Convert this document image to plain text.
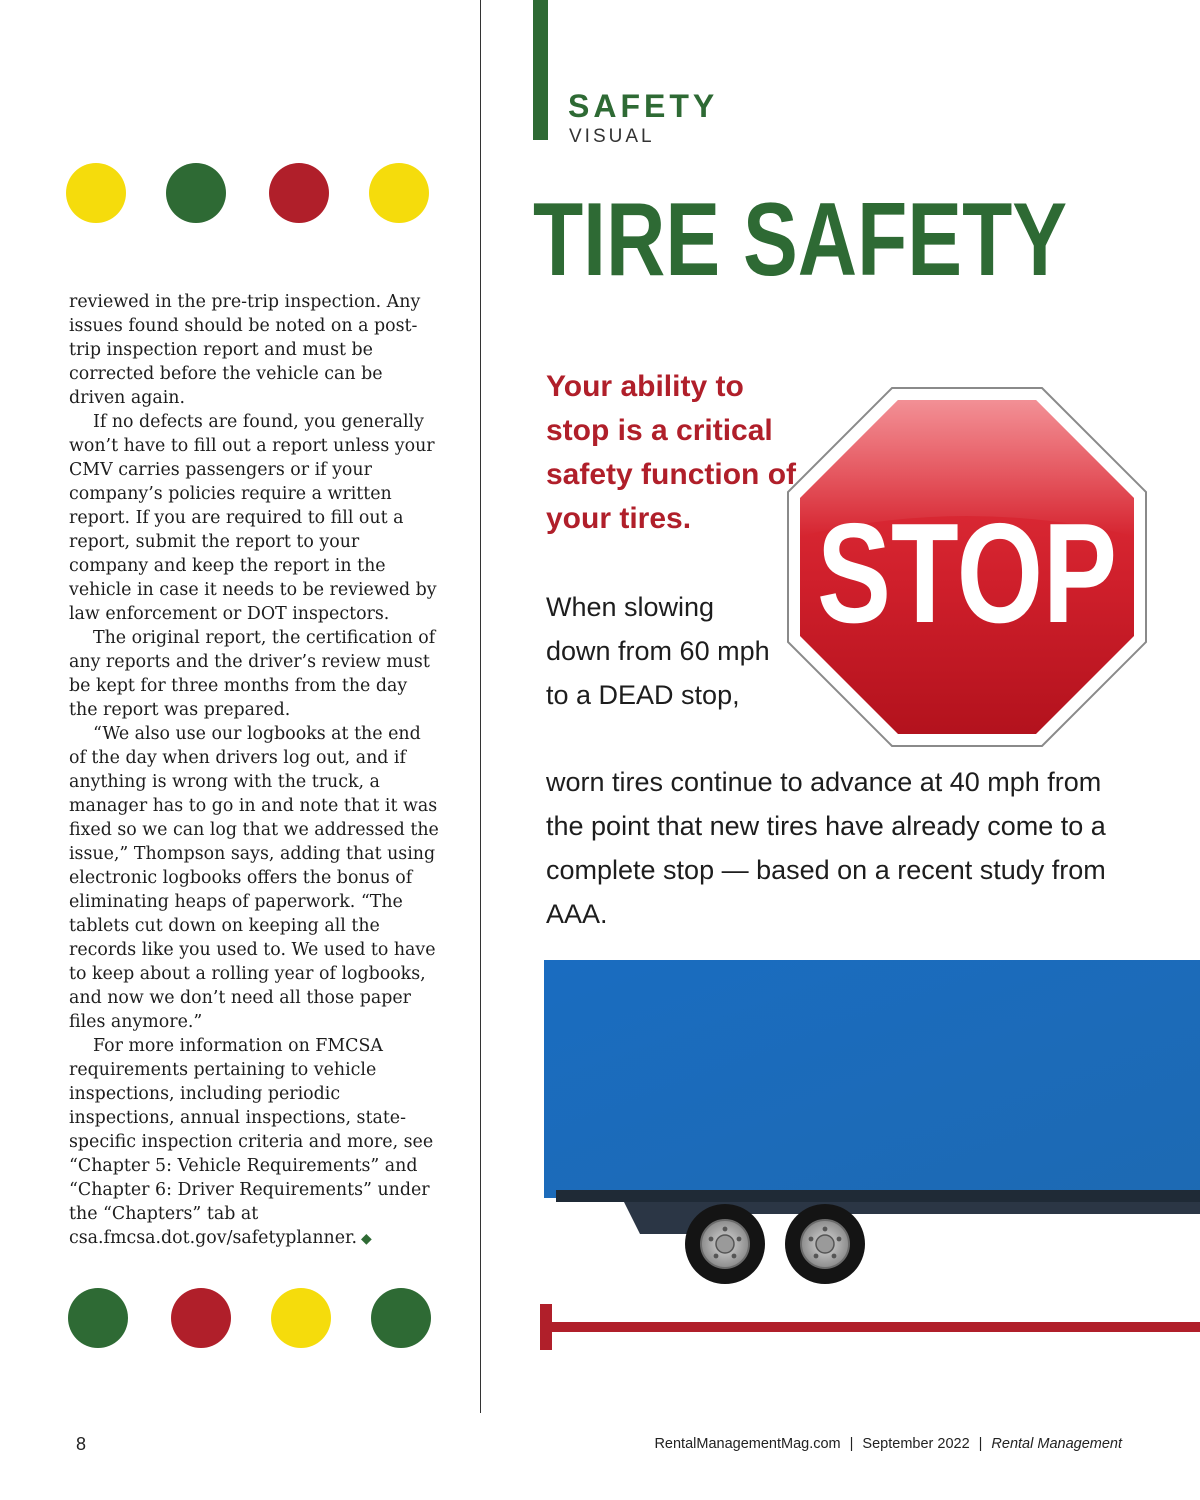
reviewed in the pre-trip inspection. Any issues found should be noted on a post-trip inspection report and must be corrected before the vehicle can be driven again.

If no defects are found, you generally won’t have to fill out a report unless your CMV carries passengers or if your company’s policies require a written report. If you are required to fill out a report, submit the report to your company and keep the report in the vehicle in case it needs to be reviewed by law enforcement or DOT inspectors.

The original report, the certification of any reports and the driver’s review must be kept for three months from the day the report was prepared.

“We also use our logbooks at the end of the day when drivers log out, and if anything is wrong with the truck, a manager has to go in and note that it was fixed so we can log that we addressed the issue,” Thompson says, adding that using electronic logbooks offers the bonus of eliminating heaps of paperwork. “The tablets cut down on keeping all the records like you used to. We used to have to keep about a rolling year of logbooks, and now we don’t need all those paper files anymore.”

For more information on FMCSA requirements pertaining to vehicle inspections, including periodic inspections, annual inspections, state-specific inspection criteria and more, see “Chapter 5: Vehicle Requirements” and “Chapter 6: Driver Requirements” under the “Chapters” tab at csa.fmcsa.dot.gov/safetyplanner. ◆

SAFETY
VISUAL
TIRE SAFETY
Your ability to stop is a critical safety function of your tires.
When slowing down from 60 mph to a DEAD stop,
worn tires continue to advance at 40 mph from the point that new tires have already come to a complete stop — based on a recent study from AAA.
STOP
8	RentalManagementMag.com | September 2022 | Rental Management
